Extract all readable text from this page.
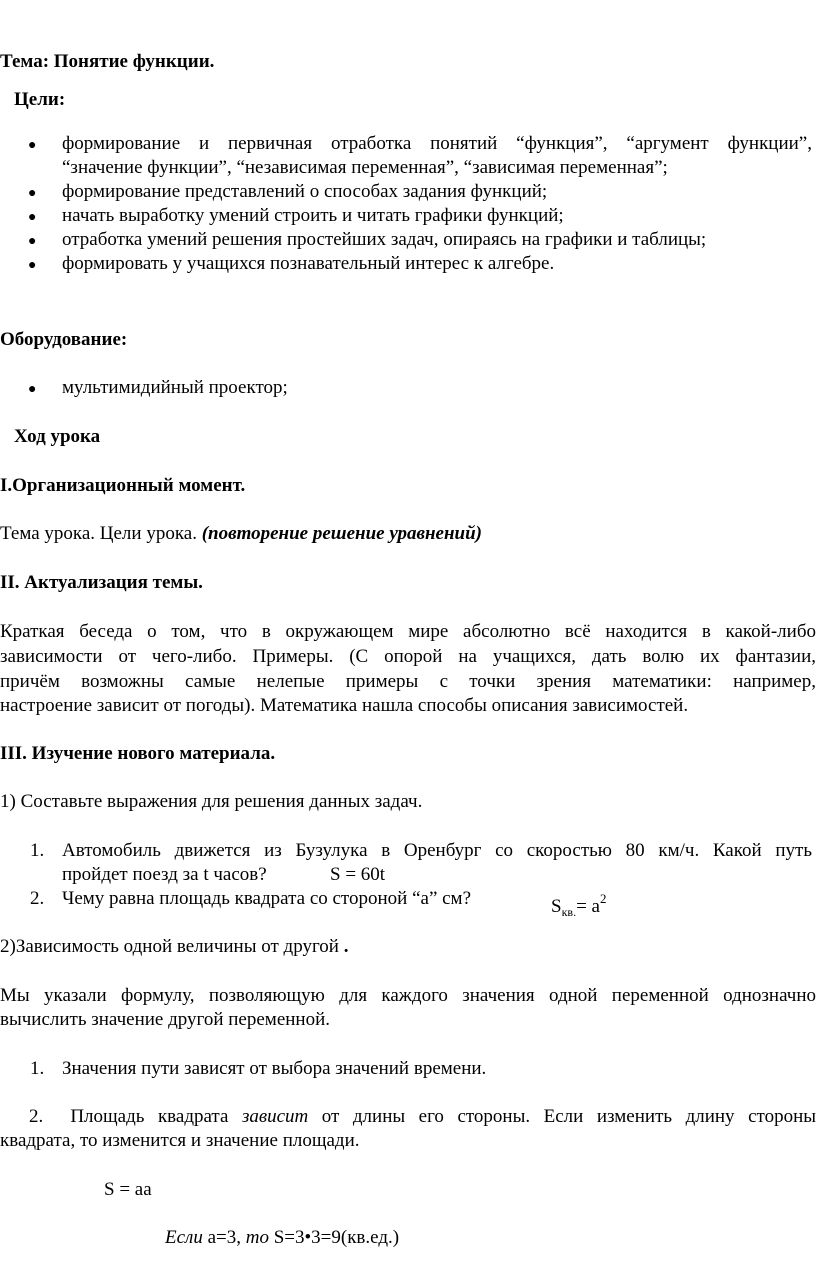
Тема: Понятие функции.
Цели:
● формирование и первичная отработка понятий “функция”, “аргумент функции”,
“значение функции”, “независимая переменная”, “зависимая переменная”;
● формирование представлений о способах задания функций;
● начать выработку умений строить и читать графики функций;
● отработка умений решения простейших задач, опираясь на графики и таблицы;
● формировать у учащихся познавательный интерес к алгебре.
Оборудование:
● мультимидийный проектор;
Ход урока
I.Организационный момент.
Тема урока. Цели урока. (повторение решение уравнений)
II. Актуализация темы.
Краткая беседа о том, что в окружающем мире абсолютно всё находится в какой-либо
зависимости от чего-либо. Примеры. (С опорой на учащихся, дать волю их фантазии,
причём возможны самые нелепые примеры с точки зрения математики: например,
настроение зависит от погоды). Математика нашла способы описания зависимостей.
III. Изучение нового материала.
1) Составьте выражения для решения данных задач.
1. Автомобиль движется из Бузулука в Оренбург со скоростью 80 км/ч. Какой путь
пройдет поезд за t часов?	S = 60t
2. Чему равна площадь квадрата со стороной “a” см?	$S_{кв.}= a^2$
2)Зависимость одной величины от другой .
Мы указали формулу, позволяющую для каждого значения одной переменной однозначно
вычислить значение другой переменной.
1. Значения пути зависят от выбора значений времени.
2. Площадь квадрата зависит от длины его стороны. Если изменить длину стороны
квадрата, то изменится и значение площади.
S = aa
Если a=3, то S=3•3=9(кв.ед.)
